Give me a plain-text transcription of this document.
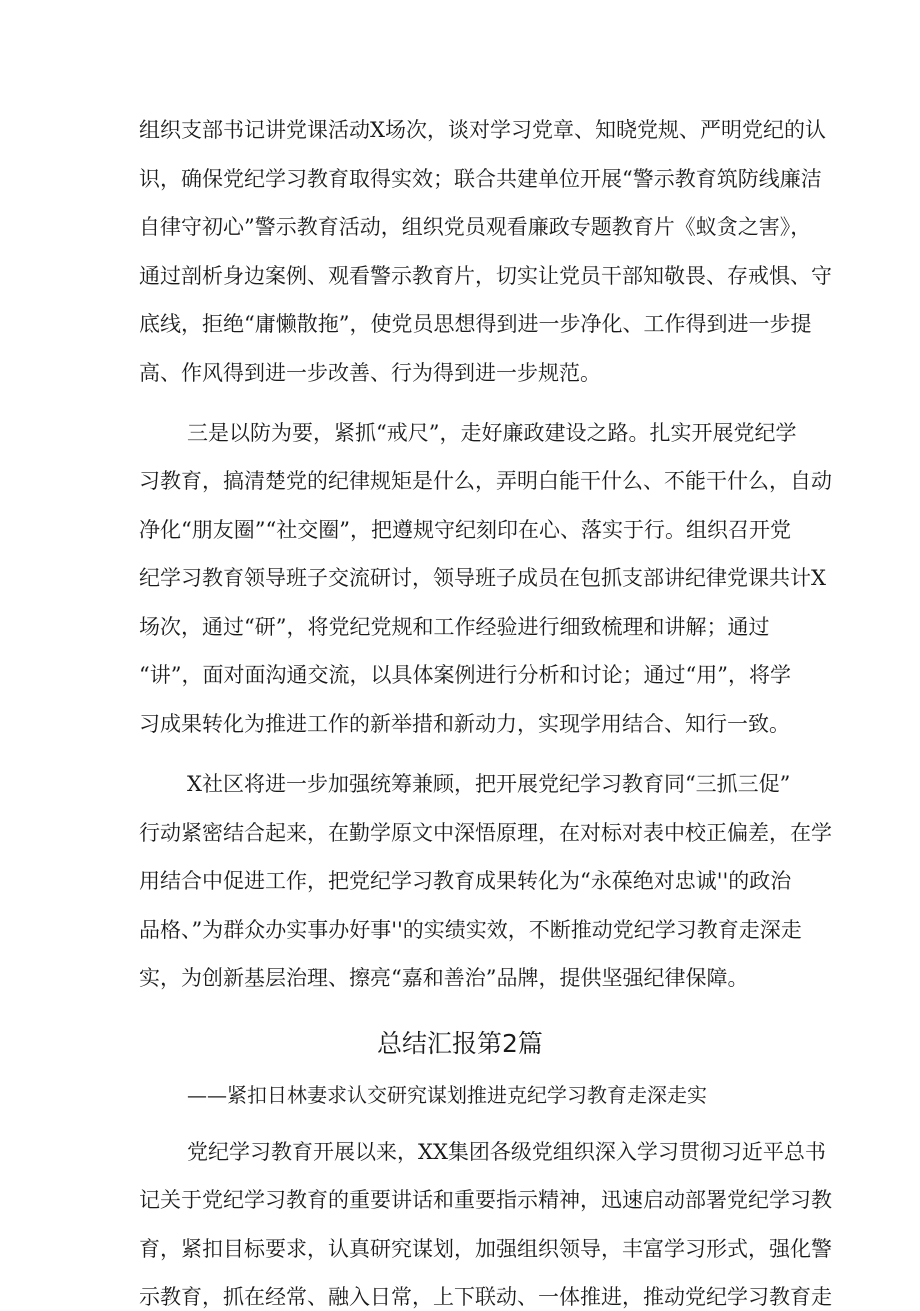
组织支部书记讲党课活动X场次，谈对学习党章、知晓党规、严明党纪的认
识，确保党纪学习教育取得实效；联合共建单位开展“警示教育筑防线廉洁
自律守初心”警示教育活动，组织党员观看廉政专题教育片《蚁贪之害》，
通过剖析身边案例、观看警示教育片，切实让党员干部知敬畏、存戒惧、守
底线，拒绝“庸懒散拖”，使党员思想得到进一步净化、工作得到进一步提
高、作风得到进一步改善、行为得到进一步规范。
三是以防为要，紧抓“戒尺”，走好廉政建设之路。扎实开展党纪学
习教育，搞清楚党的纪律规矩是什么，弄明白能干什么、不能干什么，自动
净化“朋友圈”“社交圈”，把遵规守纪刻印在心、落实于行。组织召开党
纪学习教育领导班子交流研讨，领导班子成员在包抓支部讲纪律党课共计X
场次，通过“研”，将党纪党规和工作经验进行细致梳理和讲解；通过
“讲”，面对面沟通交流，以具体案例进行分析和讨论；通过“用”，将学
习成果转化为推进工作的新举措和新动力，实现学用结合、知行一致。
X社区将进一步加强统筹兼顾，把开展党纪学习教育同“三抓三促”
行动紧密结合起来，在勤学原文中深悟原理，在对标对表中校正偏差，在学
用结合中促进工作，把党纪学习教育成果转化为“永葆绝对忠诚''的政治
品格、”为群众办实事办好事''的实绩实效，不断推动党纪学习教育走深走
实，为创新基层治理、擦亮“嘉和善治”品牌，提供坚强纪律保障。
总结汇报第2篇
——紧扣日林妻求认交研究谋划推进克纪学习教育走深走实
党纪学习教育开展以来，XX集团各级党组织深入学习贯彻习近平总书
记关于党纪学习教育的重要讲话和重要指示精神，迅速启动部署党纪学习教
育，紧扣目标要求，认真研究谋划，加强组织领导，丰富学习形式，强化警
示教育，抓在经常、融入日常，上下联动、一体推进，推动党纪学习教育走
